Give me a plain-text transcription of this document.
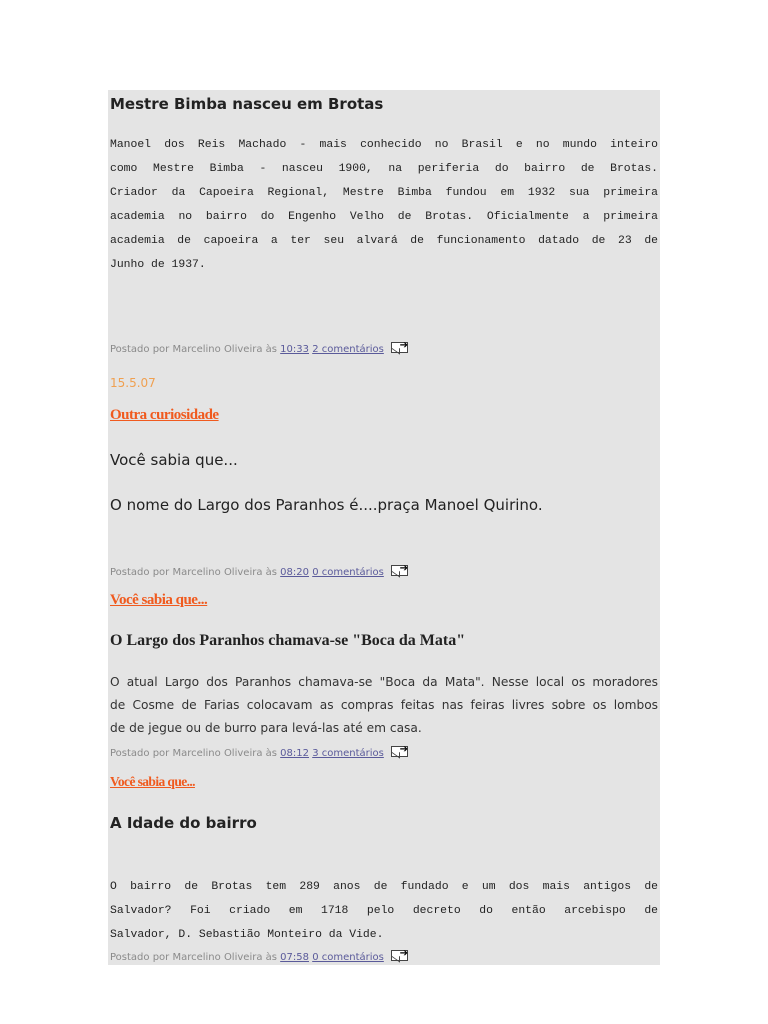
Mestre Bimba nasceu em Brotas
Manoel dos Reis Machado - mais conhecido no Brasil e no mundo inteiro
como Mestre Bimba - nasceu 1900, na periferia do bairro de Brotas.
Criador da Capoeira Regional, Mestre Bimba fundou em 1932 sua primeira
academia no bairro do Engenho Velho de Brotas. Oficialmente a primeira
academia de capoeira a ter seu alvará de funcionamento datado de 23 de
Junho de 1937.
Postado por Marcelino Oliveira às 10:33 2 comentários ➔
15.5.07
Outra curiosidade
Você sabia que...
O nome do Largo dos Paranhos é....praça Manoel Quirino.
Postado por Marcelino Oliveira às 08:20 0 comentários ➔
Você sabia que...
O Largo dos Paranhos chamava-se "Boca da Mata"
O atual Largo dos Paranhos chamava-se "Boca da Mata". Nesse local os moradores
de Cosme de Farias colocavam as compras feitas nas feiras livres sobre os lombos
de de jegue ou de burro para levá-las até em casa.
Postado por Marcelino Oliveira às 08:12 3 comentários ➔
Você sabia que...
A Idade do bairro
O bairro de Brotas tem 289 anos de fundado e um dos mais antigos de
Salvador? Foi criado em 1718 pelo decreto do então arcebispo de
Salvador, D. Sebastião Monteiro da Vide.
Postado por Marcelino Oliveira às 07:58 0 comentários ➔
